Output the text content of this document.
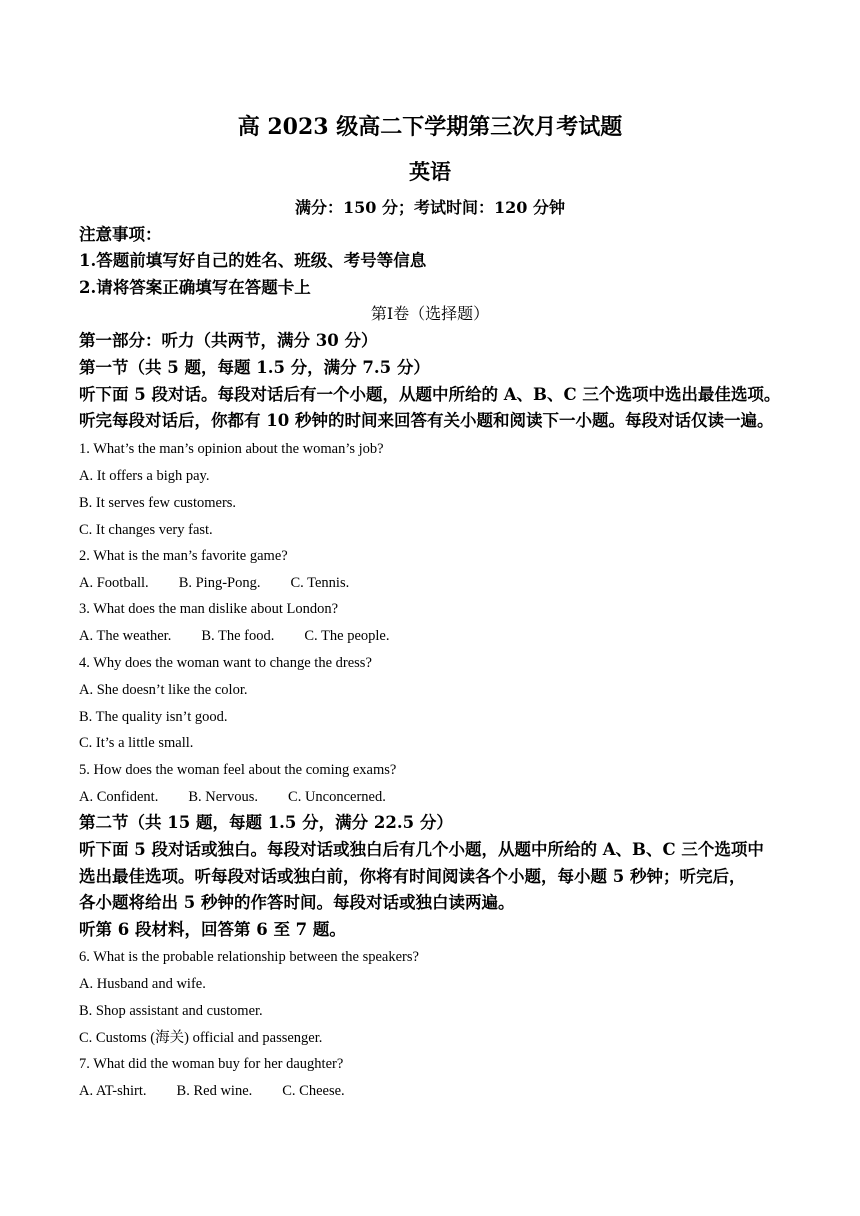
高 2023 级高二下学期第三次月考试题
英语
满分：150 分；考试时间：120 分钟
注意事项：
1.答题前填写好自己的姓名、班级、考号等信息
2.请将答案正确填写在答题卡上
第Ⅰ卷（选择题）
第一部分：听力（共两节，满分 30 分）
第一节（共 5 题，每题 1.5 分，满分 7.5 分）
听下面 5 段对话。每段对话后有一个小题，从题中所给的 A、B、C 三个选项中选出最佳选项。
听完每段对话后，你都有 10 秒钟的时间来回答有关小题和阅读下一小题。每段对话仅读一遍。
1. What’s the man’s opinion about the woman’s job?
A. It offers a bigh pay.
B. It serves few customers.
C. It changes very fast.
2. What is the man’s favorite game?
A. Football. B. Ping-Pong. C. Tennis.
3. What does the man dislike about London?
A. The weather. B. The food. C. The people.
4. Why does the woman want to change the dress?
A. She doesn’t like the color.
B. The quality isn’t good.
C. It’s a little small.
5. How does the woman feel about the coming exams?
A. Confident. B. Nervous. C. Unconcerned.
第二节（共 15 题，每题 1.5 分，满分 22.5 分）
听下面 5 段对话或独白。每段对话或独白后有几个小题，从题中所给的 A、B、C 三个选项中
选出最佳选项。听每段对话或独白前，你将有时间阅读各个小题，每小题 5 秒钟；听完后，
各小题将给出 5 秒钟的作答时间。每段对话或独白读两遍。
听第 6 段材料，回答第 6 至 7 题。
6. What is the probable relationship between the speakers?
A. Husband and wife.
B. Shop assistant and customer.
C. Customs (海关) official and passenger.
7. What did the woman buy for her daughter?
A. AT-shirt. B. Red wine. C. Cheese.
